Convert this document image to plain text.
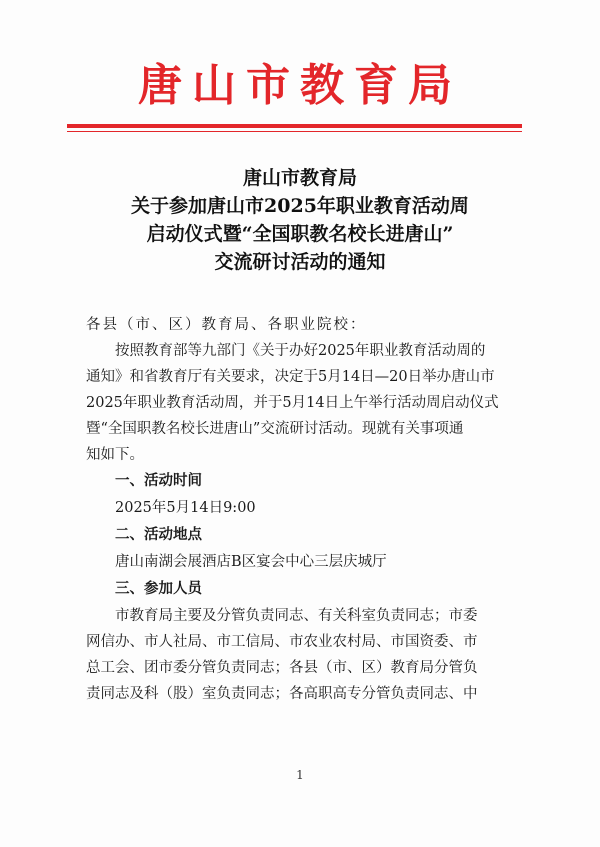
唐山市教育局
唐山市教育局
关于参加唐山市2025年职业教育活动周
启动仪式暨“全国职教名校长进唐山”
交流研讨活动的通知
各县（市、区）教育局、各职业院校：
按照教育部等九部门《关于办好2025年职业教育活动周的
通知》和省教育厅有关要求，决定于5月14日—20日举办唐山市
2025年职业教育活动周，并于5月14日上午举行活动周启动仪式
暨“全国职教名校长进唐山”交流研讨活动。现就有关事项通
知如下。
一、活动时间
2025年5月14日9:00
二、活动地点
唐山南湖会展酒店B区宴会中心三层庆城厅
三、参加人员
市教育局主要及分管负责同志、有关科室负责同志；市委
网信办、市人社局、市工信局、市农业农村局、市国资委、市
总工会、团市委分管负责同志；各县（市、区）教育局分管负
责同志及科（股）室负责同志；各高职高专分管负责同志、中
1
